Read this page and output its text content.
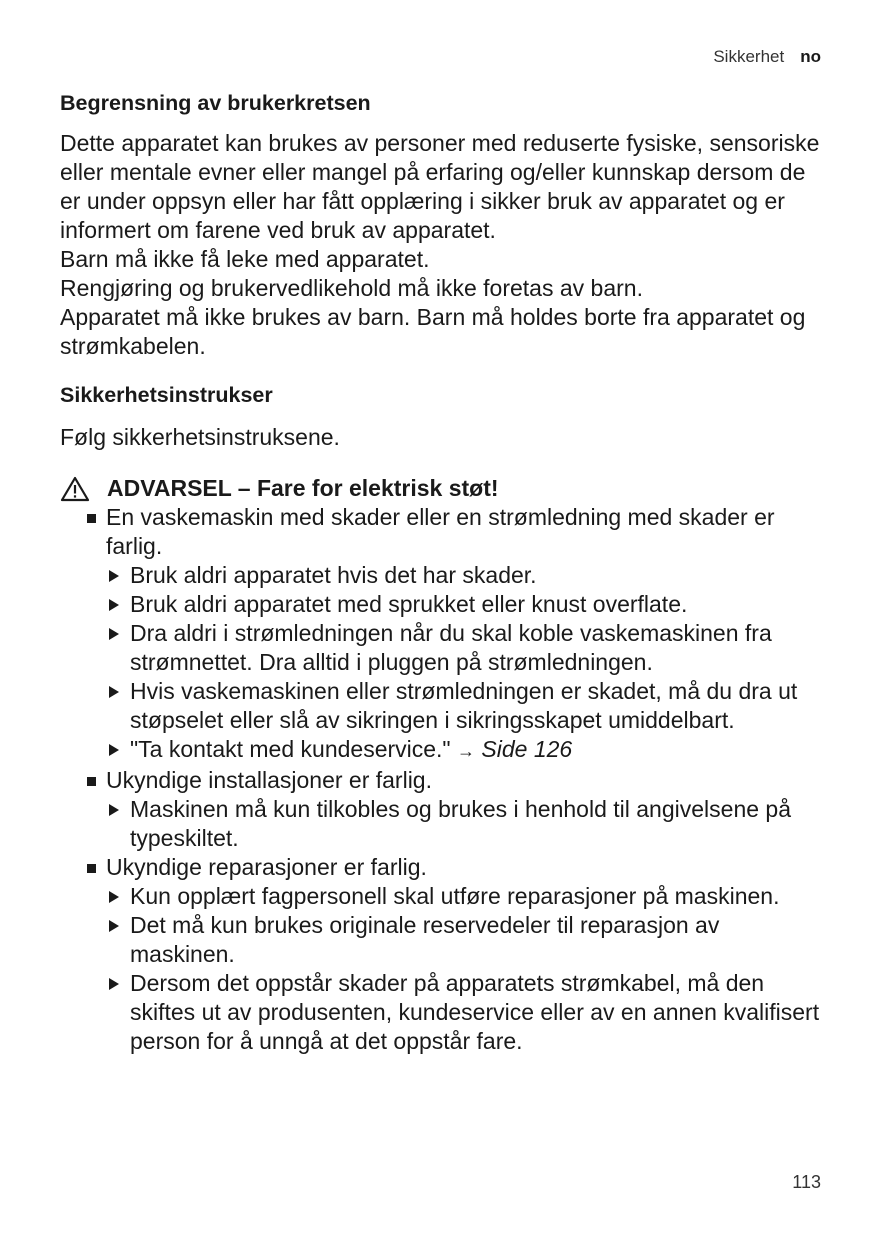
Sikkerhet no
Begrensning av brukerkretsen

Dette apparatet kan brukes av personer med reduserte fysiske, sensoriske eller mentale evner eller mangel på erfaring og/eller kunnskap dersom de er under oppsyn eller har fått opplæring i sikker bruk av apparatet og er informert om farene ved bruk av apparatet.

Barn må ikke få leke med apparatet.

Rengjøring og brukervedlikehold må ikke foretas av barn.

Apparatet må ikke brukes av barn. Barn må holdes borte fra apparatet og strømkabelen.

Sikkerhetsinstrukser

Følg sikkerhetsinstruksene.

ADVARSEL – Fare for elektrisk støt!
En vaskemaskin med skader eller en strømledning med skader er farlig.
Bruk aldri apparatet hvis det har skader.
Bruk aldri apparatet med sprukket eller knust overflate.
Dra aldri i strømledningen når du skal koble vaskemaskinen fra strømnettet. Dra alltid i pluggen på strømledningen.
Hvis vaskemaskinen eller strømledningen er skadet, må du dra ut støpselet eller slå av sikringen i sikringsskapet umiddelbart.
"Ta kontakt med kundeservice." → Side 126
Ukyndige installasjoner er farlig.
Maskinen må kun tilkobles og brukes i henhold til angivelsene på typeskiltet.
Ukyndige reparasjoner er farlig.
Kun opplært fagpersonell skal utføre reparasjoner på maskinen.
Det må kun brukes originale reservedeler til reparasjon av maskinen.
Dersom det oppstår skader på apparatets strømkabel, må den skiftes ut av produsenten, kundeservice eller av en annen kvalifisert person for å unngå at det oppstår fare.
113
